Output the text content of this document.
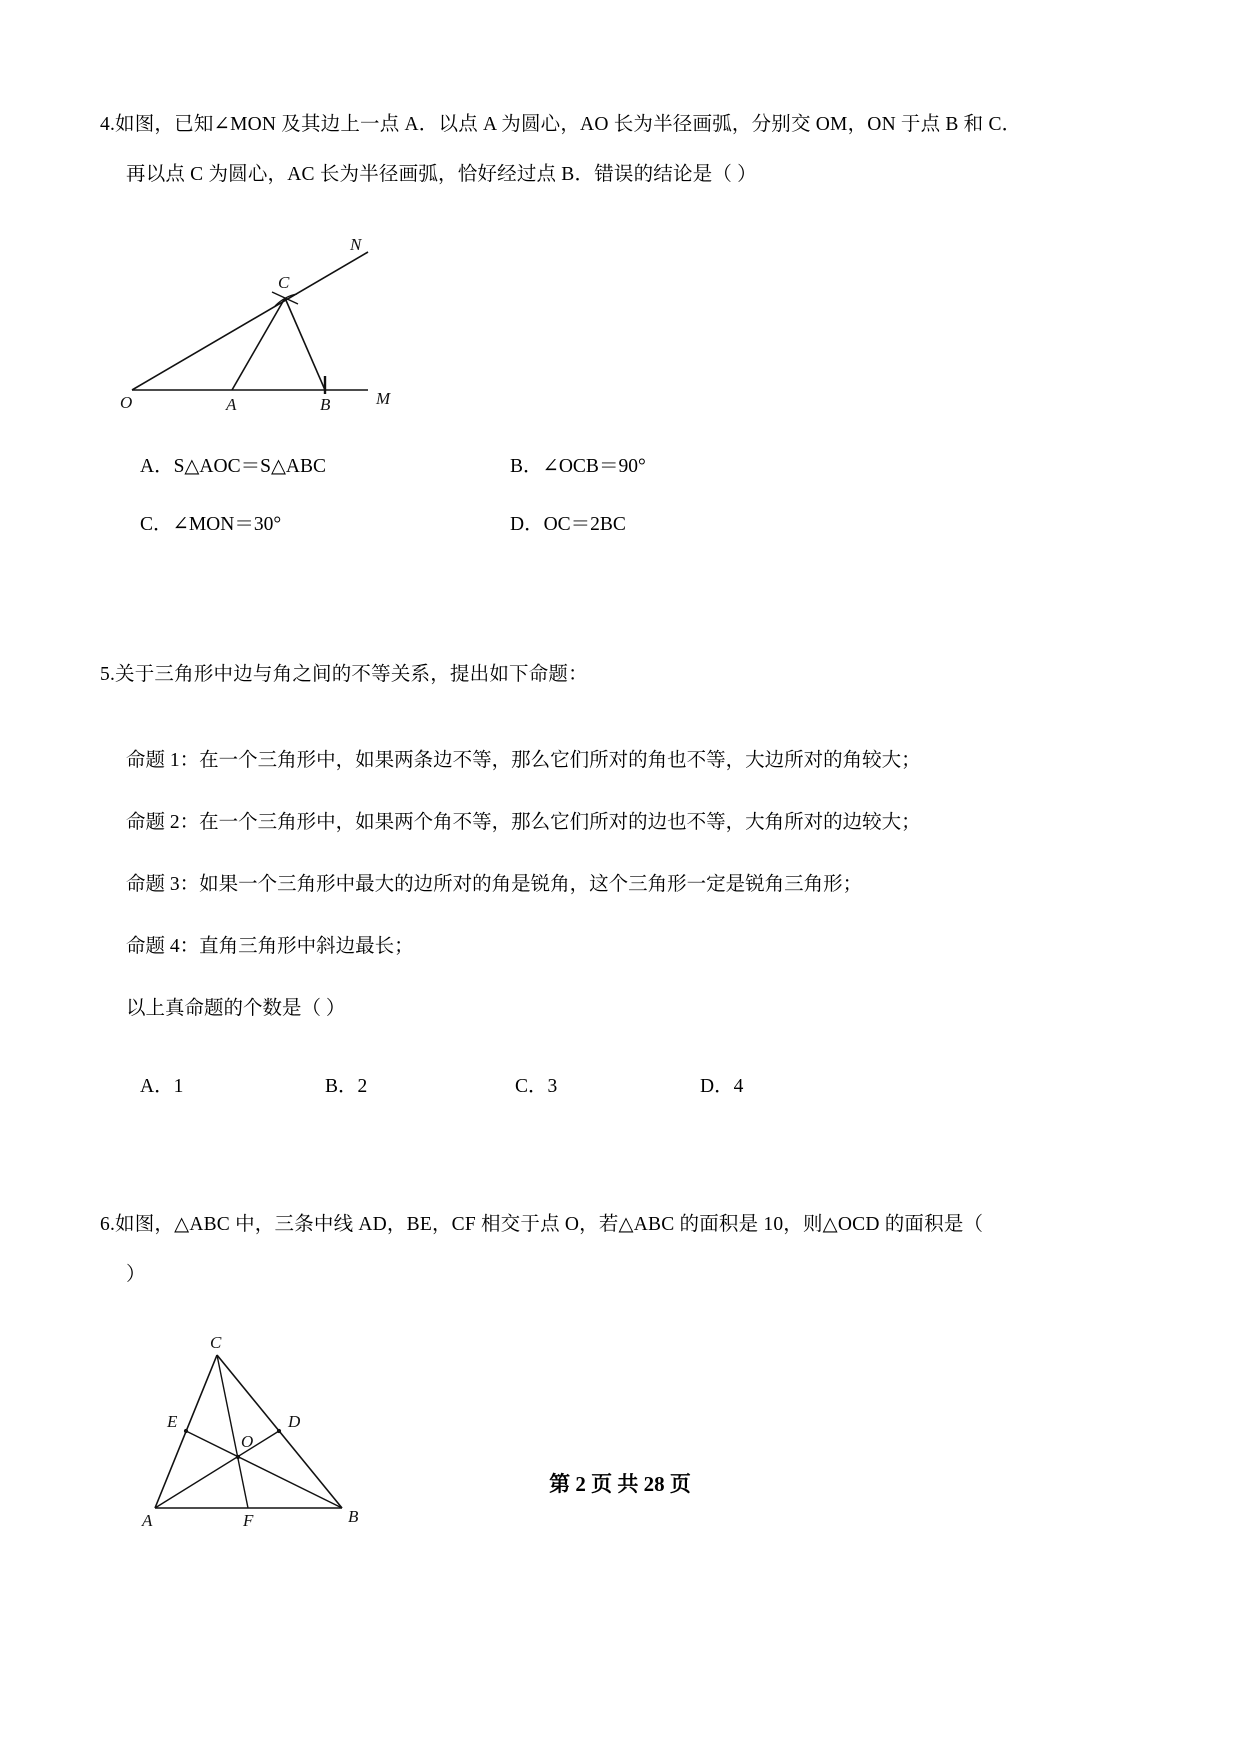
4.如图，已知∠MON 及其边上一点 A．以点 A 为圆心，AO 长为半径画弧，分别交 OM，ON 于点 B 和 C．
再以点 C 为圆心，AC 长为半径画弧，恰好经过点 B．错误的结论是（ ）
N
C
O	A	B	M
A．S△AOC＝S△ABC	B．∠OCB＝90°
C．∠MON＝30°	D．OC＝2BC
5.关于三角形中边与角之间的不等关系，提出如下命题：
命题 1：在一个三角形中，如果两条边不等，那么它们所对的角也不等，大边所对的角较大；
命题 2：在一个三角形中，如果两个角不等，那么它们所对的边也不等，大角所对的边较大；
命题 3：如果一个三角形中最大的边所对的角是锐角，这个三角形一定是锐角三角形；
命题 4：直角三角形中斜边最长；
以上真命题的个数是（ ）
A．1	B．2	C．3	D．4
6.如图，△ABC 中，三条中线 AD，BE，CF 相交于点 O，若△ABC 的面积是 10，则△OCD 的面积是（
）
C
E
O
D
A	F	B
第 2 页 共 28 页
